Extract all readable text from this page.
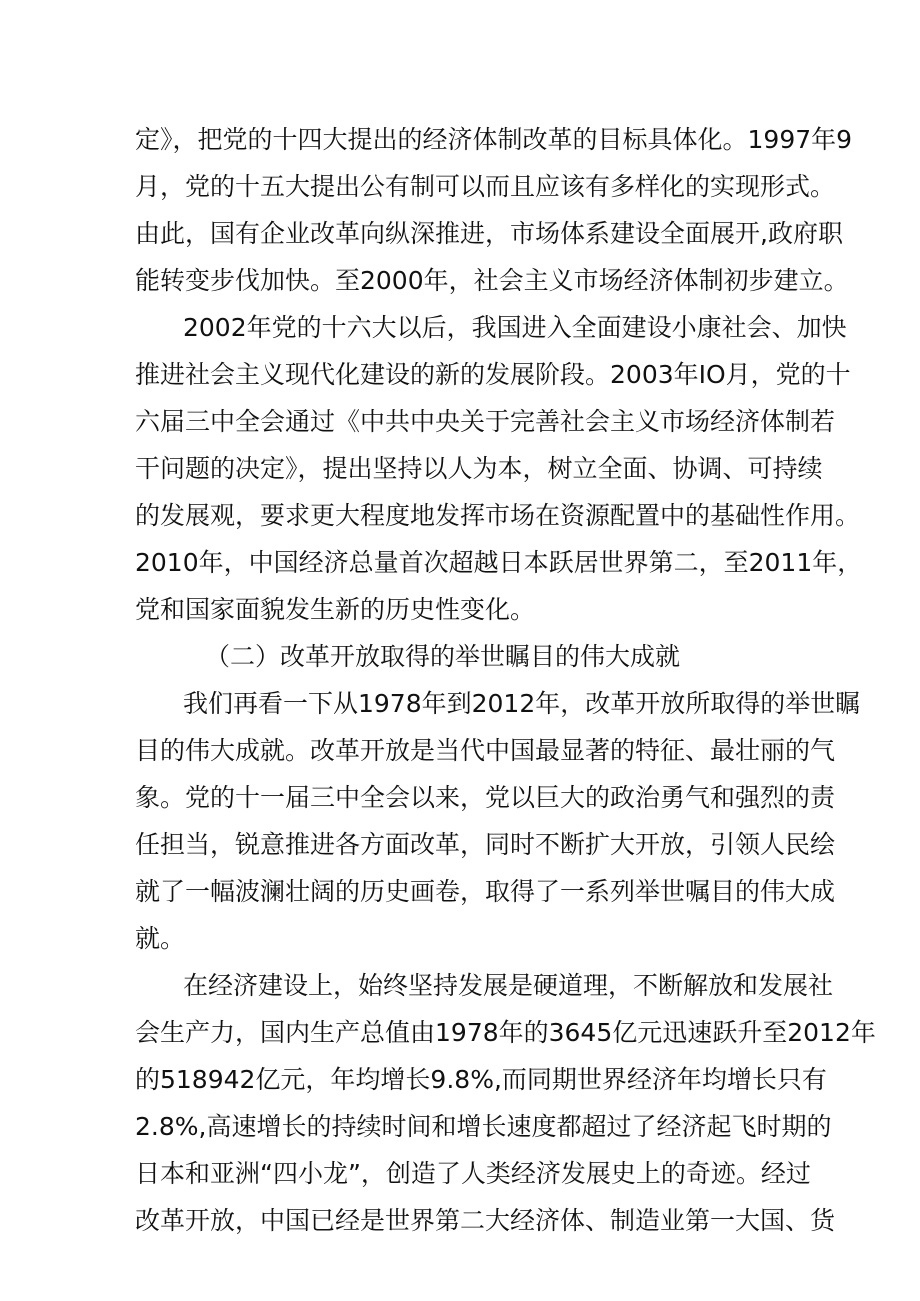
定》，把党的十四大提出的经济体制改革的目标具体化。1997年9
月，党的十五大提出公有制可以而且应该有多样化的实现形式。
由此，国有企业改革向纵深推进，市场体系建设全面展开,政府职
能转变步伐加快。至2000年，社会主义市场经济体制初步建立。
2002年党的十六大以后，我国进入全面建设小康社会、加快
推进社会主义现代化建设的新的发展阶段。2003年IO月，党的十
六届三中全会通过《中共中央关于完善社会主义市场经济体制若
干问题的决定》，提出坚持以人为本，树立全面、协调、可持续
的发展观，要求更大程度地发挥市场在资源配置中的基础性作用。
2010年，中国经济总量首次超越日本跃居世界第二，至2011年，
党和国家面貌发生新的历史性变化。
（二）改革开放取得的举世瞩目的伟大成就
我们再看一下从1978年到2012年，改革开放所取得的举世瞩
目的伟大成就。改革开放是当代中国最显著的特征、最壮丽的气
象。党的十一届三中全会以来，党以巨大的政治勇气和强烈的责
任担当，锐意推进各方面改革，同时不断扩大开放，引领人民绘
就了一幅波澜壮阔的历史画卷，取得了一系列举世嘱目的伟大成
就。
在经济建设上，始终坚持发展是硬道理，不断解放和发展社
会生产力，国内生产总值由1978年的3645亿元迅速跃升至2012年
的518942亿元，年均增长9.8%,而同期世界经济年均增长只有
2.8%,高速增长的持续时间和增长速度都超过了经济起飞时期的
日本和亚洲“四小龙”，创造了人类经济发展史上的奇迹。经过
改革开放，中国已经是世界第二大经济体、制造业第一大国、货
